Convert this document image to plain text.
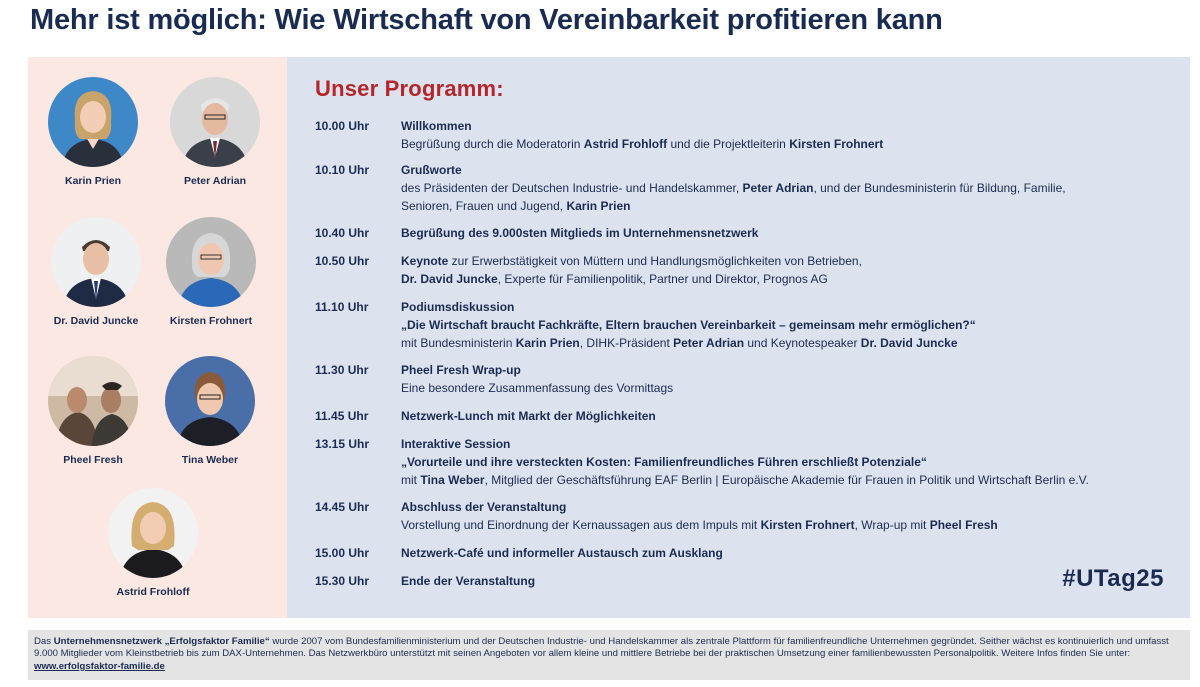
Mehr ist möglich: Wie Wirtschaft von Vereinbarkeit profitieren kann
Karin Prien	Peter Adrian
Dr. David Juncke	Kirsten Frohnert
Pheel Fresh	Tina Weber
Astrid Frohloff
Unser Programm:
10.00 Uhr	Willkommen
Begrüßung durch die Moderatorin Astrid Frohloff und die Projektleiterin Kirsten Frohnert
10.10 Uhr	Grußworte
des Präsidenten der Deutschen Industrie- und Handelskammer, Peter Adrian, und der Bundesministerin für Bildung, Familie,
Senioren, Frauen und Jugend, Karin Prien
10.40 Uhr	Begrüßung des 9.000sten Mitglieds im Unternehmensnetzwerk
10.50 Uhr	Keynote zur Erwerbstätigkeit von Müttern und Handlungsmöglichkeiten von Betrieben,
Dr. David Juncke, Experte für Familienpolitik, Partner und Direktor, Prognos AG
11.10 Uhr	Podiumsdiskussion
„Die Wirtschaft braucht Fachkräfte, Eltern brauchen Vereinbarkeit – gemeinsam mehr ermöglichen?“
mit Bundesministerin Karin Prien, DIHK-Präsident Peter Adrian und Keynotespeaker Dr. David Juncke
11.30 Uhr	Pheel Fresh Wrap-up
Eine besondere Zusammenfassung des Vormittags
11.45 Uhr	Netzwerk-Lunch mit Markt der Möglichkeiten
13.15 Uhr	Interaktive Session
„Vorurteile und ihre versteckten Kosten: Familienfreundliches Führen erschließt Potenziale“
mit Tina Weber, Mitglied der Geschäftsführung EAF Berlin | Europäische Akademie für Frauen in Politik und Wirtschaft Berlin e.V.
14.45 Uhr	Abschluss der Veranstaltung
Vorstellung und Einordnung der Kernaussagen aus dem Impuls mit Kirsten Frohnert, Wrap-up mit Pheel Fresh
15.00 Uhr	Netzwerk-Café und informeller Austausch zum Ausklang
15.30 Uhr	Ende der Veranstaltung	#UTag25
Das Unternehmensnetzwerk „Erfolgsfaktor Familie“ wurde 2007 vom Bundesfamilienministerium und der Deutschen Industrie- und Handelskammer als zentrale Plattform für familienfreundliche Unternehmen gegründet. Seither wächst es kontinuierlich und umfasst 9.000 Mitglieder vom Kleinstbetrieb bis zum DAX-Unternehmen. Das Netzwerkbüro unterstützt mit seinen Angeboten vor allem kleine und mittlere Betriebe bei der praktischen Umsetzung einer familienbewussten Personalpolitik. Weitere Infos finden Sie unter: www.erfolgsfaktor-familie.de
